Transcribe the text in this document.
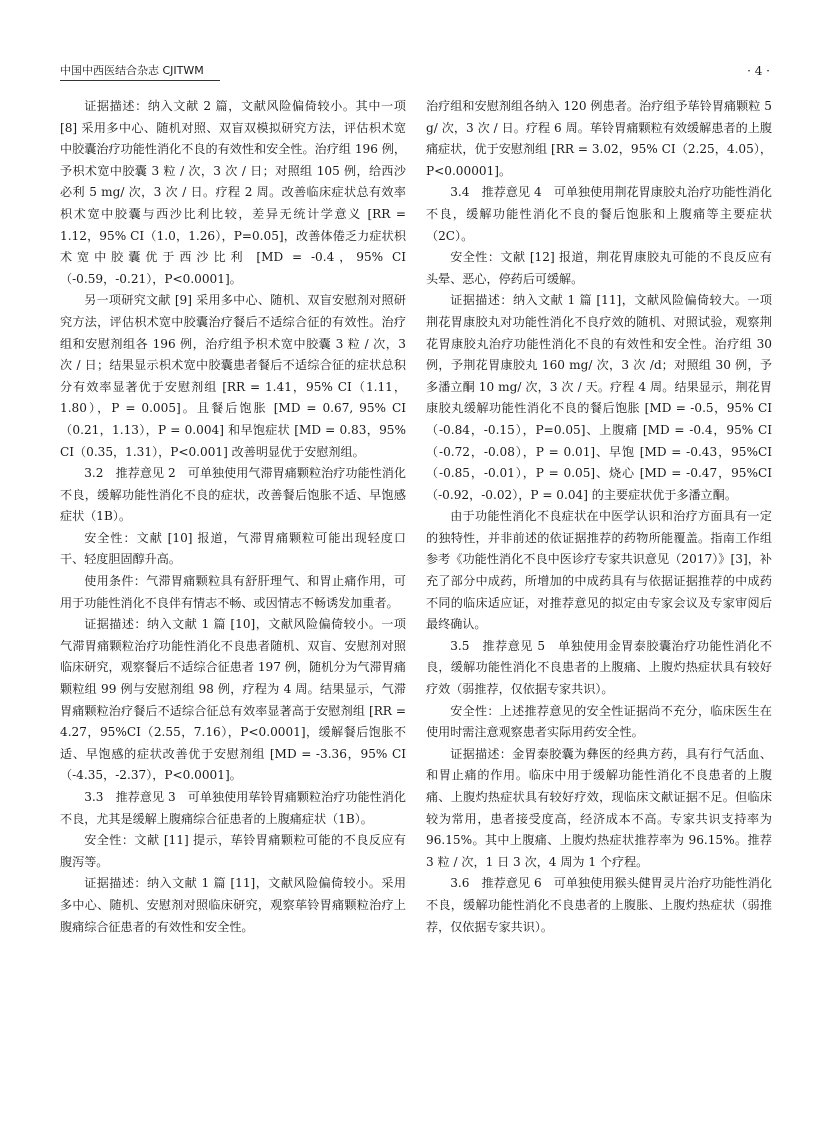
中国中西医结合杂志 CJITWM	· 4 ·

证据描述：纳入文献 2 篇，文献风险偏倚较小。其中一项 [8] 采用多中心、随机对照、双盲双模拟研究方法，评估枳术宽中胶囊治疗功能性消化不良的有效性和安全性。治疗组 196 例，予枳术宽中胶囊 3 粒 / 次，3 次 / 日；对照组 105 例，给西沙必利 5 mg/ 次，3 次 / 日。疗程 2 周。改善临床症状总有效率枳术宽中胶囊与西沙比利比较，差异无统计学意义 [RR = 1.12，95% CI（1.0，1.26），P=0.05]，改善体倦乏力症状枳术宽中胶囊优于西沙比利 [MD = -0.4，95% CI（-0.59，-0.21），P<0.0001]。

另一项研究文献 [9] 采用多中心、随机、双盲安慰剂对照研究方法，评估枳术宽中胶囊治疗餐后不适综合征的有效性。治疗组和安慰剂组各 196 例，治疗组予枳术宽中胶囊 3 粒 / 次，3 次 / 日；结果显示枳术宽中胶囊患者餐后不适综合征的症状总积分有效率显著优于安慰剂组 [RR = 1.41，95% CI（1.11，1.80），P = 0.005]。且餐后饱胀 [MD = 0.67, 95% CI（0.21，1.13），P = 0.004] 和早饱症状 [MD = 0.83，95% CI（0.35，1.31），P<0.001] 改善明显优于安慰剂组。

3.2　推荐意见 2　可单独使用气滞胃痛颗粒治疗功能性消化不良，缓解功能性消化不良的症状，改善餐后饱胀不适、早饱感症状（1B）。

安全性：文献 [10] 报道，气滞胃痛颗粒可能出现轻度口干、轻度胆固醇升高。

使用条件：气滞胃痛颗粒具有舒肝理气、和胃止痛作用，可用于功能性消化不良伴有情志不畅、或因情志不畅诱发加重者。

证据描述：纳入文献 1 篇 [10]，文献风险偏倚较小。一项气滞胃痛颗粒治疗功能性消化不良患者随机、双盲、安慰剂对照临床研究，观察餐后不适综合征患者 197 例，随机分为气滞胃痛颗粒组 99 例与安慰剂组 98 例，疗程为 4 周。结果显示，气滞胃痛颗粒治疗餐后不适综合征总有效率显著高于安慰剂组 [RR = 4.27，95%CI（2.55，7.16），P<0.0001]，缓解餐后饱胀不适、早饱感的症状改善优于安慰剂组 [MD = -3.36，95% CI（-4.35，-2.37），P<0.0001]。

3.3　推荐意见 3　可单独使用荜铃胃痛颗粒治疗功能性消化不良，尤其是缓解上腹痛综合征患者的上腹痛症状（1B）。

安全性：文献 [11] 提示，荜铃胃痛颗粒可能的不良反应有腹泻等。

证据描述：纳入文献 1 篇 [11]，文献风险偏倚较小。采用多中心、随机、安慰剂对照临床研究，观察荜铃胃痛颗粒治疗上腹痛综合征患者的有效性和安全性。

治疗组和安慰剂组各纳入 120 例患者。治疗组予荜铃胃痛颗粒 5 g/ 次，3 次 / 日。疗程 6 周。荜铃胃痛颗粒有效缓解患者的上腹痛症状，优于安慰剂组 [RR = 3.02，95% CI（2.25，4.05），P<0.00001]。

3.4　推荐意见 4　可单独使用荆花胃康胶丸治疗功能性消化不良，缓解功能性消化不良的餐后饱胀和上腹痛等主要症状（2C）。

安全性：文献 [12] 报道，荆花胃康胶丸可能的不良反应有头晕、恶心，停药后可缓解。

证据描述：纳入文献 1 篇 [11]，文献风险偏倚较大。一项荆花胃康胶丸对功能性消化不良疗效的随机、对照试验，观察荆花胃康胶丸治疗功能性消化不良的有效性和安全性。治疗组 30 例，予荆花胃康胶丸 160 mg/ 次，3 次 /d；对照组 30 例，予多潘立酮 10 mg/ 次，3 次 / 天。疗程 4 周。结果显示，荆花胃康胶丸缓解功能性消化不良的餐后饱胀 [MD = -0.5，95% CI（-0.84，-0.15），P=0.05]、上腹痛 [MD = -0.4，95% CI（-0.72，-0.08），P = 0.01]、早饱 [MD = -0.43，95%CI（-0.85，-0.01），P = 0.05]、烧心 [MD = -0.47，95%CI（-0.92，-0.02），P = 0.04] 的主要症状优于多潘立酮。

由于功能性消化不良症状在中医学认识和治疗方面具有一定的独特性，并非前述的依证据推荐的药物所能覆盖。指南工作组参考《功能性消化不良中医诊疗专家共识意见（2017）》[3]，补充了部分中成药，所增加的中成药具有与依据证据推荐的中成药不同的临床适应证，对推荐意见的拟定由专家会议及专家审阅后最终确认。

3.5　推荐意见 5　单独使用金胃泰胶囊治疗功能性消化不良，缓解功能性消化不良患者的上腹痛、上腹灼热症状具有较好疗效（弱推荐，仅依据专家共识）。

安全性：上述推荐意见的安全性证据尚不充分，临床医生在使用时需注意观察患者实际用药安全性。

证据描述：金胃泰胶囊为彝医的经典方药，具有行气活血、和胃止痛的作用。临床中用于缓解功能性消化不良患者的上腹痛、上腹灼热症状具有较好疗效，现临床文献证据不足。但临床较为常用，患者接受度高，经济成本不高。专家共识支持率为 96.15%。其中上腹痛、上腹灼热症状推荐率为 96.15%。推荐 3 粒 / 次，1 日 3 次，4 周为 1 个疗程。

3.6　推荐意见 6　可单独使用猴头健胃灵片治疗功能性消化不良，缓解功能性消化不良患者的上腹胀、上腹灼热症状（弱推荐，仅依据专家共识）。
